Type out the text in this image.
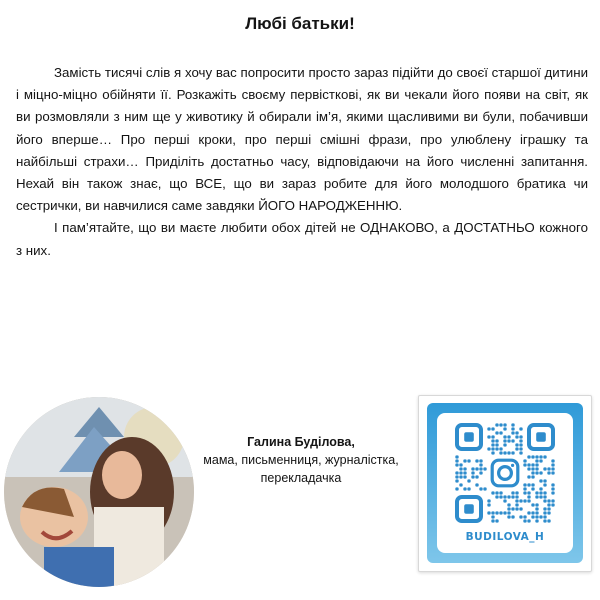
Любі батьки!

Замість тисячі слів я хочу вас попросити просто зараз підійти до своєї старшої дитини і міцно-міцно обійняти її. Розкажіть своєму первісткові, як ви чекали його появи на світ, як ви розмовляли з ним ще у животику й обирали ім’я, якими щасливими ви були, побачивши його вперше… Про перші кроки, про перші смішні фрази, про улюблену іграшку та найбільші страхи… Приділіть достатньо часу, відповідаючи на його численні запитання. Нехай він також знає, що ВСЕ, що ви зараз робите для його молодшого братика чи сестрички, ви навчилися саме завдяки ЙОГО НАРОДЖЕННЮ.

І пам’ятайте, що ви маєте любити обох дітей не ОДНАКОВО, а ДОСТАТНЬО кожного з них.

Галина Буділова,
мама, письменниця, журналістка, перекладачка
BUDILOVA_H
